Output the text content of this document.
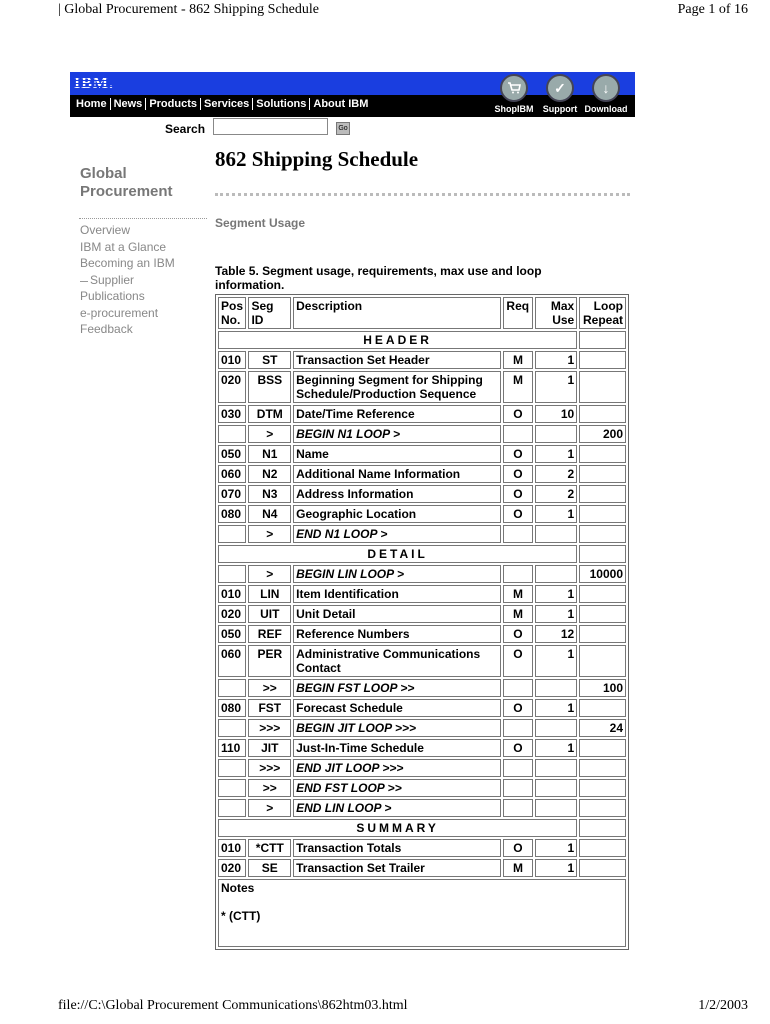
| Global Procurement - 862 Shipping Schedule	Page 1 of 16
IBM.
Home News Products Services Solutions About IBM	ShopIBM
✓
Support
↓
Download
Search	Go
Global
Procurement
Overview
IBM at a Glance
Becoming an IBM
Supplier
Publications
e-procurement
Feedback
862 Shipping Schedule
Segment Usage
Table 5. Segment usage, requirements, max use and loop information.
Pos No.	Seg ID	Description	Req	Max Use	Loop Repeat
HEADER					
010	ST	Transaction Set Header	M	1	
020	BSS	Beginning Segment for Shipping Schedule/Production Sequence	M	1	
030	DTM	Date/Time Reference	O	10	
	>	BEGIN N1 LOOP >			200
050	N1	Name	O	1	
060	N2	Additional Name Information	O	2	
070	N3	Address Information	O	2	
080	N4	Geographic Location	O	1	
	>	END N1 LOOP >			
DETAIL					
	>	BEGIN LIN LOOP >			10000
010	LIN	Item Identification	M	1	
020	UIT	Unit Detail	M	1	
050	REF	Reference Numbers	O	12	
060	PER	Administrative Communications Contact	O	1	
	>>	BEGIN FST LOOP >>			100
080	FST	Forecast Schedule	O	1	
	>>>	BEGIN JIT LOOP >>>			24
110	JIT	Just-In-Time Schedule	O	1	
	>>>	END JIT LOOP >>>			
	>>	END FST LOOP >>			
	>	END LIN LOOP >			
SUMMARY					
010	*CTT	Transaction Totals	O	1	
020	SE	Transaction Set Trailer	M	1	

Notes
* (CTT)					
file://C:\Global Procurement Communications\862htm03.html	1/2/2003
